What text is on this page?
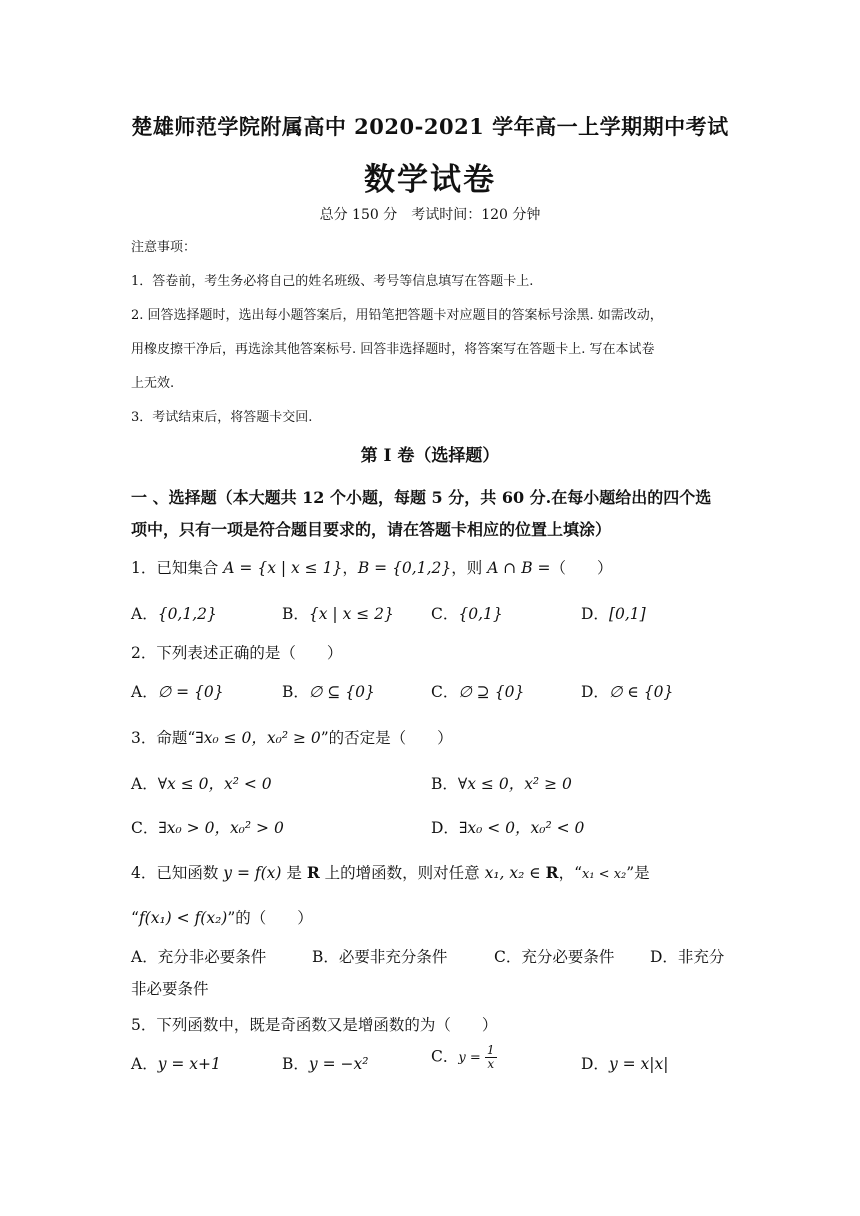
楚雄师范学院附属高中 2020-2021 学年高一上学期期中考试
数学试卷
总分 150 分　考试时间：120 分钟
注意事项：
1．答卷前，考生务必将自己的姓名班级、考号等信息填写在答题卡上.
2. 回答选择题时，选出每小题答案后，用铅笔把答题卡对应题目的答案标号涂黑. 如需改动，
用橡皮擦干净后，再选涂其他答案标号. 回答非选择题时，将答案写在答题卡上. 写在本试卷
上无效.
3．考试结束后，将答题卡交回.
第 I 卷（选择题）
一 、选择题（本大题共 12 个小题，每题 5 分，共 60 分.在每小题给出的四个选
项中，只有一项是符合题目要求的，请在答题卡相应的位置上填涂）
1．已知集合 A = {x | x ≤ 1}，B = {0,1,2}，则 A ∩ B =（　　）
A．{0,1,2}	B．{x | x ≤ 2} C．{0,1}	D．[0,1]
2．下列表述正确的是（　　）
A．∅ = {0}	B．∅ ⊆ {0}	C．∅ ⊇ {0}	D．∅ ∈ {0}
3．命题“∃x₀ ≤ 0，x₀² ≥ 0”的否定是（　　）
A．∀x ≤ 0，x² < 0	B．∀x ≤ 0，x² ≥ 0
C．∃x₀ > 0，x₀² > 0	D．∃x₀ < 0，x₀² < 0
4．已知函数 y = f(x) 是 R 上的增函数，则对任意 x₁, x₂ ∈ R，“x₁ < x₂”是
“f(x₁) < f(x₂)”的（　　）
A．充分非必要条件	B．必要非充分条件	C．充分必要条件 D．非充分
非必要条件
5．下列函数中，既是奇函数又是增函数的为（　　）
A．y = x+1	B．y = −x²	C．$y = \frac{1}{x}$	D．y = x|x|
